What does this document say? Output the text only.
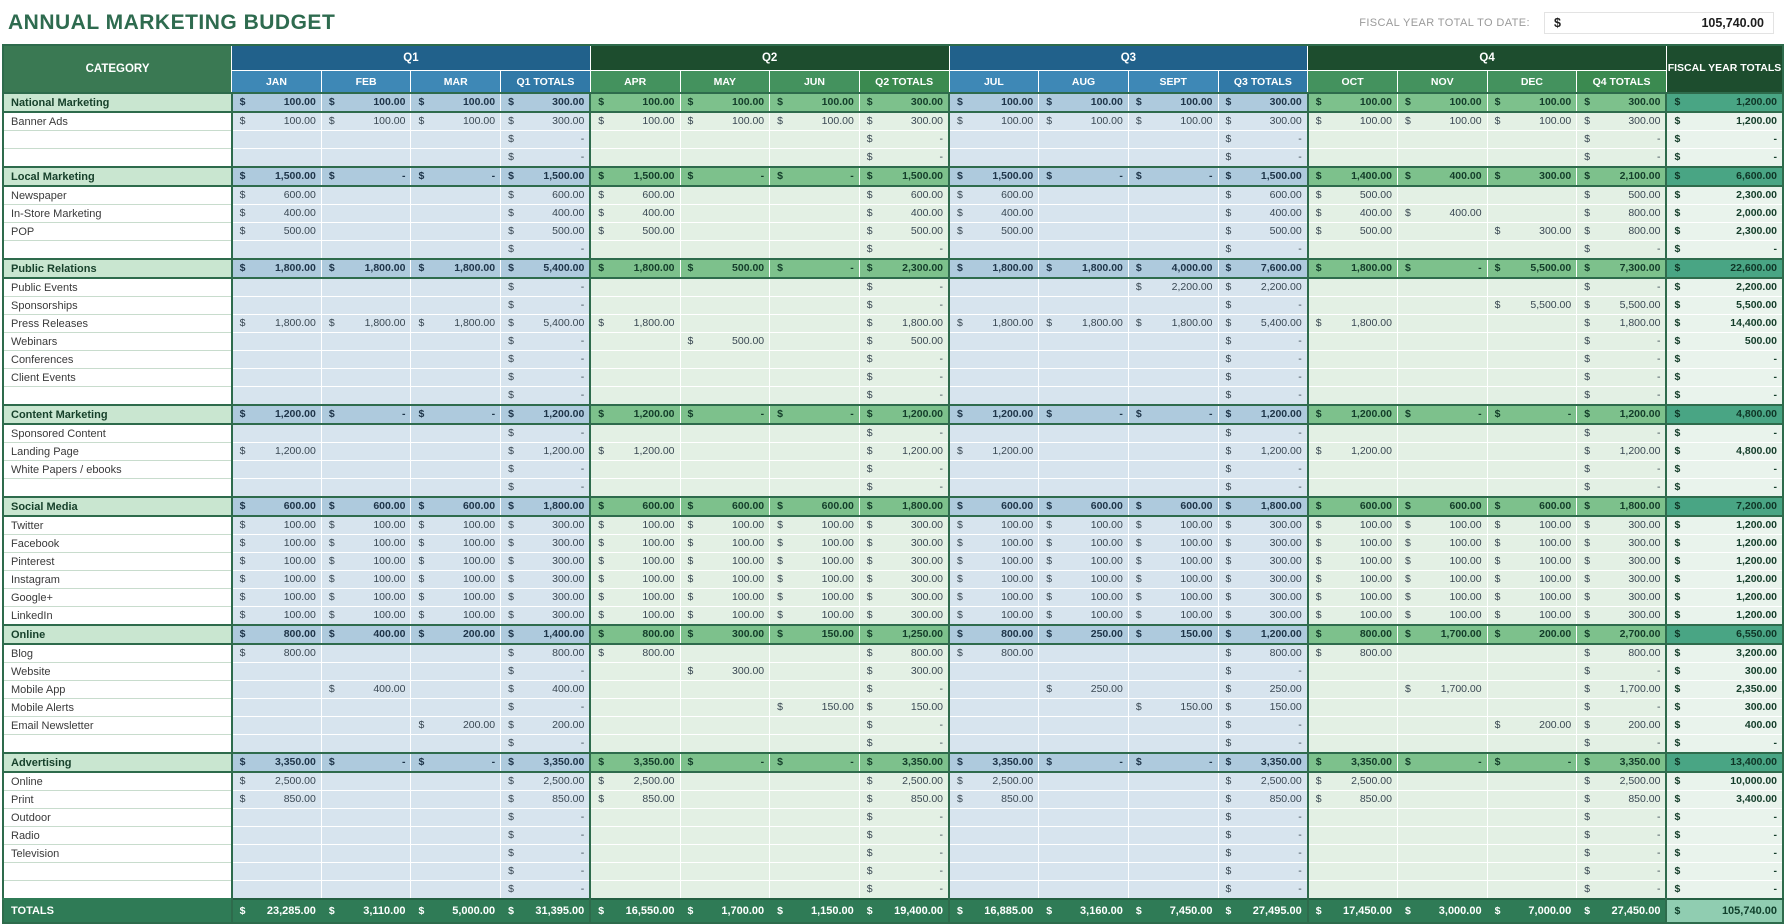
ANNUAL MARKETING BUDGET	FISCAL YEAR TOTAL TO DATE: $	105,740.00
CATEGORY	Q1				Q2				Q3				Q4				FISCAL YEAR TOTALS
	JAN	FEB	MAR	Q1 TOTALS	APR	MAY	JUN	Q2 TOTALS	JUL	AUG	SEPT	Q3 TOTALS	OCT	NOV	DEC	Q4 TOTALS	
National Marketing	$ 100.00	$ 100.00	$ 100.00	$ 300.00	$ 100.00	$ 100.00	$ 100.00	$ 300.00	$ 100.00	$ 100.00	$ 100.00	$ 300.00	$ 100.00	$ 100.00	$ 100.00	$ 300.00	$ 1,200.00

Banner Ads	$ 100.00	$ 100.00	$ 100.00	$ 300.00	$ 100.00	$ 100.00	$ 100.00	$ 300.00	$ 100.00	$ 100.00	$ 100.00	$ 300.00	$ 100.00	$ 100.00	$ 100.00	$ 300.00	$ 1,200.00

				$ -				$ -				$ -				$ -	$ -

				$ -				$ -				$ -				$ -	$ -

Local Marketing	$ 1,500.00	$ -	$ -	$ 1,500.00	$ 1,500.00	$ -	$ -	$ 1,500.00	$ 1,500.00	$ -	$ -	$ 1,500.00	$ 1,400.00	$ 400.00	$ 300.00	$ 2,100.00	$ 6,600.00

Newspaper	$ 600.00			$ 600.00	$ 600.00			$ 600.00	$ 600.00			$ 600.00	$ 500.00			$ 500.00	$ 2,300.00

In-Store Marketing	$ 400.00			$ 400.00	$ 400.00			$ 400.00	$ 400.00			$ 400.00	$ 400.00	$ 400.00		$ 800.00	$ 2,000.00

POP	$ 500.00			$ 500.00	$ 500.00			$ 500.00	$ 500.00			$ 500.00	$ 500.00		$ 300.00	$ 800.00	$ 2,300.00

				$ -				$ -				$ -				$ -	$ -

Public Relations	$ 1,800.00	$ 1,800.00	$ 1,800.00	$ 5,400.00	$ 1,800.00	$ 500.00	$ -	$ 2,300.00	$ 1,800.00	$ 1,800.00	$ 4,000.00	$ 7,600.00	$ 1,800.00	$ -	$ 5,500.00	$ 7,300.00	$ 22,600.00

Public Events				$ -				$ -			$ 2,200.00	$ 2,200.00				$ -	$ 2,200.00

Sponsorships				$ -				$ -				$ -			$ 5,500.00	$ 5,500.00	$ 5,500.00

Press Releases	$ 1,800.00	$ 1,800.00	$ 1,800.00	$ 5,400.00	$ 1,800.00			$ 1,800.00	$ 1,800.00	$ 1,800.00	$ 1,800.00	$ 5,400.00	$ 1,800.00			$ 1,800.00	$ 14,400.00

Webinars				$ -		$ 500.00		$ 500.00				$ -				$ -	$ 500.00

Conferences				$ -				$ -				$ -				$ -	$ -

Client Events				$ -				$ -				$ -				$ -	$ -

				$ -				$ -				$ -				$ -	$ -

Content Marketing	$ 1,200.00	$ -	$ -	$ 1,200.00	$ 1,200.00	$ -	$ -	$ 1,200.00	$ 1,200.00	$ -	$ -	$ 1,200.00	$ 1,200.00	$ -	$ -	$ 1,200.00	$ 4,800.00

Sponsored Content				$ -				$ -				$ -				$ -	$ -

Landing Page	$ 1,200.00			$ 1,200.00	$ 1,200.00			$ 1,200.00	$ 1,200.00			$ 1,200.00	$ 1,200.00			$ 1,200.00	$ 4,800.00

White Papers / ebooks				$ -				$ -				$ -				$ -	$ -

				$ -				$ -				$ -				$ -	$ -

Social Media	$ 600.00	$ 600.00	$ 600.00	$ 1,800.00	$ 600.00	$ 600.00	$ 600.00	$ 1,800.00	$ 600.00	$ 600.00	$ 600.00	$ 1,800.00	$ 600.00	$ 600.00	$ 600.00	$ 1,800.00	$ 7,200.00

Twitter	$ 100.00	$ 100.00	$ 100.00	$ 300.00	$ 100.00	$ 100.00	$ 100.00	$ 300.00	$ 100.00	$ 100.00	$ 100.00	$ 300.00	$ 100.00	$ 100.00	$ 100.00	$ 300.00	$ 1,200.00

Facebook	$ 100.00	$ 100.00	$ 100.00	$ 300.00	$ 100.00	$ 100.00	$ 100.00	$ 300.00	$ 100.00	$ 100.00	$ 100.00	$ 300.00	$ 100.00	$ 100.00	$ 100.00	$ 300.00	$ 1,200.00

Pinterest	$ 100.00	$ 100.00	$ 100.00	$ 300.00	$ 100.00	$ 100.00	$ 100.00	$ 300.00	$ 100.00	$ 100.00	$ 100.00	$ 300.00	$ 100.00	$ 100.00	$ 100.00	$ 300.00	$ 1,200.00

Instagram	$ 100.00	$ 100.00	$ 100.00	$ 300.00	$ 100.00	$ 100.00	$ 100.00	$ 300.00	$ 100.00	$ 100.00	$ 100.00	$ 300.00	$ 100.00	$ 100.00	$ 100.00	$ 300.00	$ 1,200.00

Google+	$ 100.00	$ 100.00	$ 100.00	$ 300.00	$ 100.00	$ 100.00	$ 100.00	$ 300.00	$ 100.00	$ 100.00	$ 100.00	$ 300.00	$ 100.00	$ 100.00	$ 100.00	$ 300.00	$ 1,200.00

LinkedIn	$ 100.00	$ 100.00	$ 100.00	$ 300.00	$ 100.00	$ 100.00	$ 100.00	$ 300.00	$ 100.00	$ 100.00	$ 100.00	$ 300.00	$ 100.00	$ 100.00	$ 100.00	$ 300.00	$ 1,200.00

Online	$ 800.00	$ 400.00	$ 200.00	$ 1,400.00	$ 800.00	$ 300.00	$ 150.00	$ 1,250.00	$ 800.00	$ 250.00	$ 150.00	$ 1,200.00	$ 800.00	$ 1,700.00	$ 200.00	$ 2,700.00	$ 6,550.00

Blog	$ 800.00			$ 800.00	$ 800.00			$ 800.00	$ 800.00			$ 800.00	$ 800.00			$ 800.00	$ 3,200.00

Website				$ -		$ 300.00		$ 300.00				$ -				$ -	$ 300.00

Mobile App		$ 400.00		$ 400.00				$ -		$ 250.00		$ 250.00		$ 1,700.00		$ 1,700.00	$ 2,350.00

Mobile Alerts				$ -			$ 150.00	$ 150.00			$ 150.00	$ 150.00				$ -	$ 300.00

Email Newsletter			$ 200.00	$ 200.00				$ -				$ -			$ 200.00	$ 200.00	$ 400.00

				$ -				$ -				$ -				$ -	$ -

Advertising	$ 3,350.00	$ -	$ -	$ 3,350.00	$ 3,350.00	$ -	$ -	$ 3,350.00	$ 3,350.00	$ -	$ -	$ 3,350.00	$ 3,350.00	$ -	$ -	$ 3,350.00	$ 13,400.00

Online	$ 2,500.00			$ 2,500.00	$ 2,500.00			$ 2,500.00	$ 2,500.00			$ 2,500.00	$ 2,500.00			$ 2,500.00	$ 10,000.00

Print	$ 850.00			$ 850.00	$ 850.00			$ 850.00	$ 850.00			$ 850.00	$ 850.00			$ 850.00	$ 3,400.00

Outdoor				$ -				$ -				$ -				$ -	$ -

Radio				$ -				$ -				$ -				$ -	$ -

Television				$ -				$ -				$ -				$ -	$ -

				$ -				$ -				$ -				$ -	$ -

				$ -				$ -				$ -				$ -	$ -

TOTALS	$ 23,285.00	$ 3,110.00	$ 5,000.00	$ 31,395.00	$ 16,550.00	$ 1,700.00	$ 1,150.00	$ 19,400.00	$ 16,885.00	$ 3,160.00	$ 7,450.00	$ 27,495.00	$ 17,450.00	$ 3,000.00	$ 7,000.00	$ 27,450.00	$ 105,740.00
